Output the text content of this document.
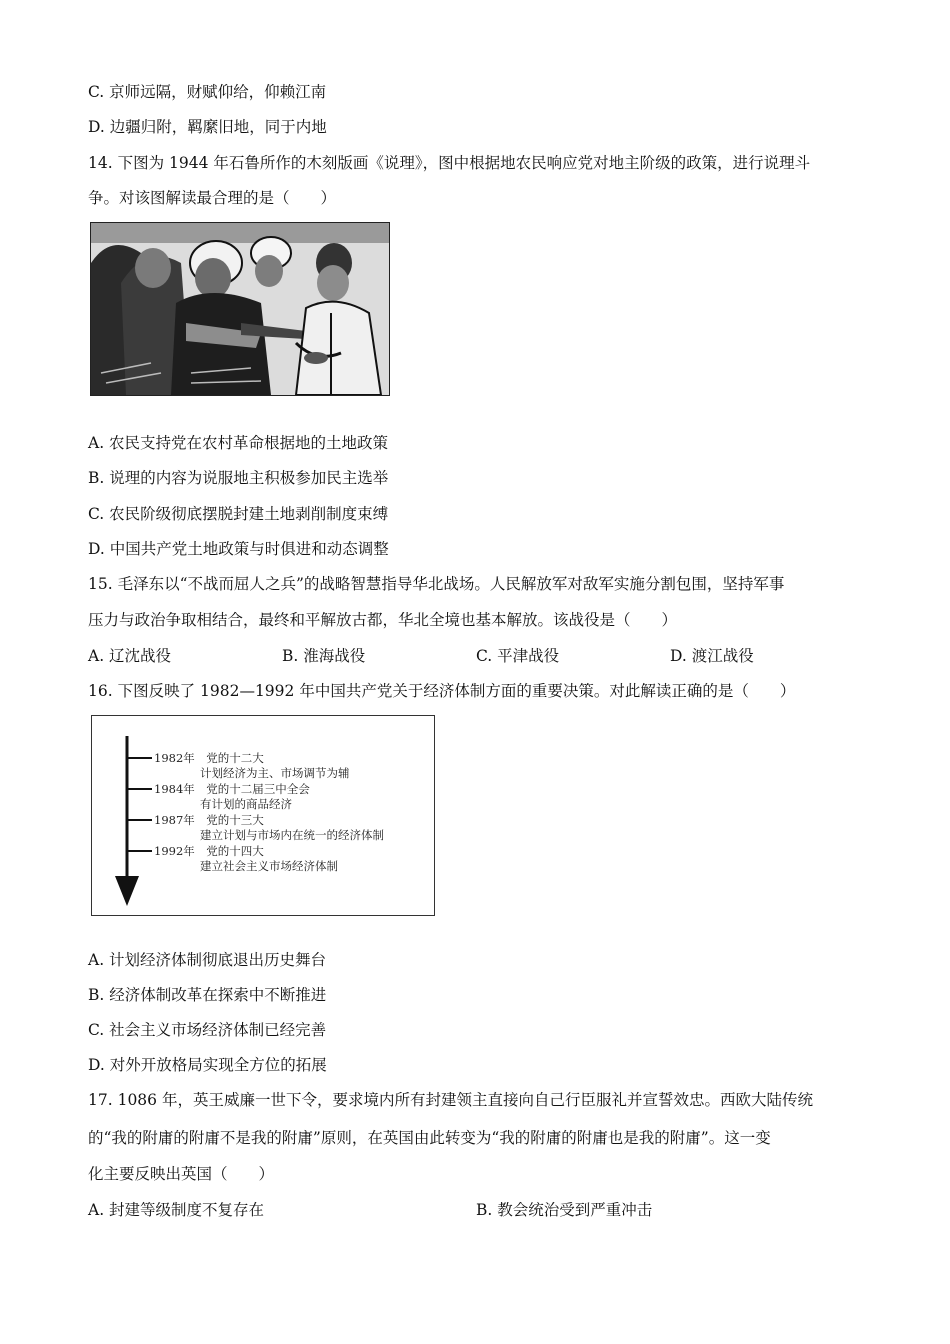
C. 京师远隔，财赋仰给，仰赖江南
D. 边疆归附，羁縻旧地，同于内地
14. 下图为 1944 年石鲁所作的木刻版画《说理》，图中根据地农民响应党对地主阶级的政策，进行说理斗
争。对该图解读最合理的是（　　）
A. 农民支持党在农村革命根据地的土地政策
B. 说理的内容为说服地主积极参加民主选举
C. 农民阶级彻底摆脱封建土地剥削制度束缚
D. 中国共产党土地政策与时俱进和动态调整
15. 毛泽东以“不战而屈人之兵”的战略智慧指导华北战场。人民解放军对敌军实施分割包围，坚持军事
压力与政治争取相结合，最终和平解放古都，华北全境也基本解放。该战役是（　　）
A. 辽沈战役	B. 淮海战役	C. 平津战役	D. 渡江战役
16. 下图反映了 1982—1992 年中国共产党关于经济体制方面的重要决策。对此解读正确的是（　　）
1982年　党的十二大
计划经济为主、市场调节为辅
1984年　党的十二届三中全会
有计划的商品经济
1987年　党的十三大
建立计划与市场内在统一的经济体制
1992年　党的十四大
建立社会主义市场经济体制
A. 计划经济体制彻底退出历史舞台
B. 经济体制改革在探索中不断推进
C. 社会主义市场经济体制已经完善
D. 对外开放格局实现全方位的拓展
17. 1086 年，英王威廉一世下令，要求境内所有封建领主直接向自己行臣服礼并宣誓效忠。西欧大陆传统
的“我的附庸的附庸不是我的附庸”原则，在英国由此转变为“我的附庸的附庸也是我的附庸”。这一变
化主要反映出英国（　　）
A. 封建等级制度不复存在	B. 教会统治受到严重冲击
